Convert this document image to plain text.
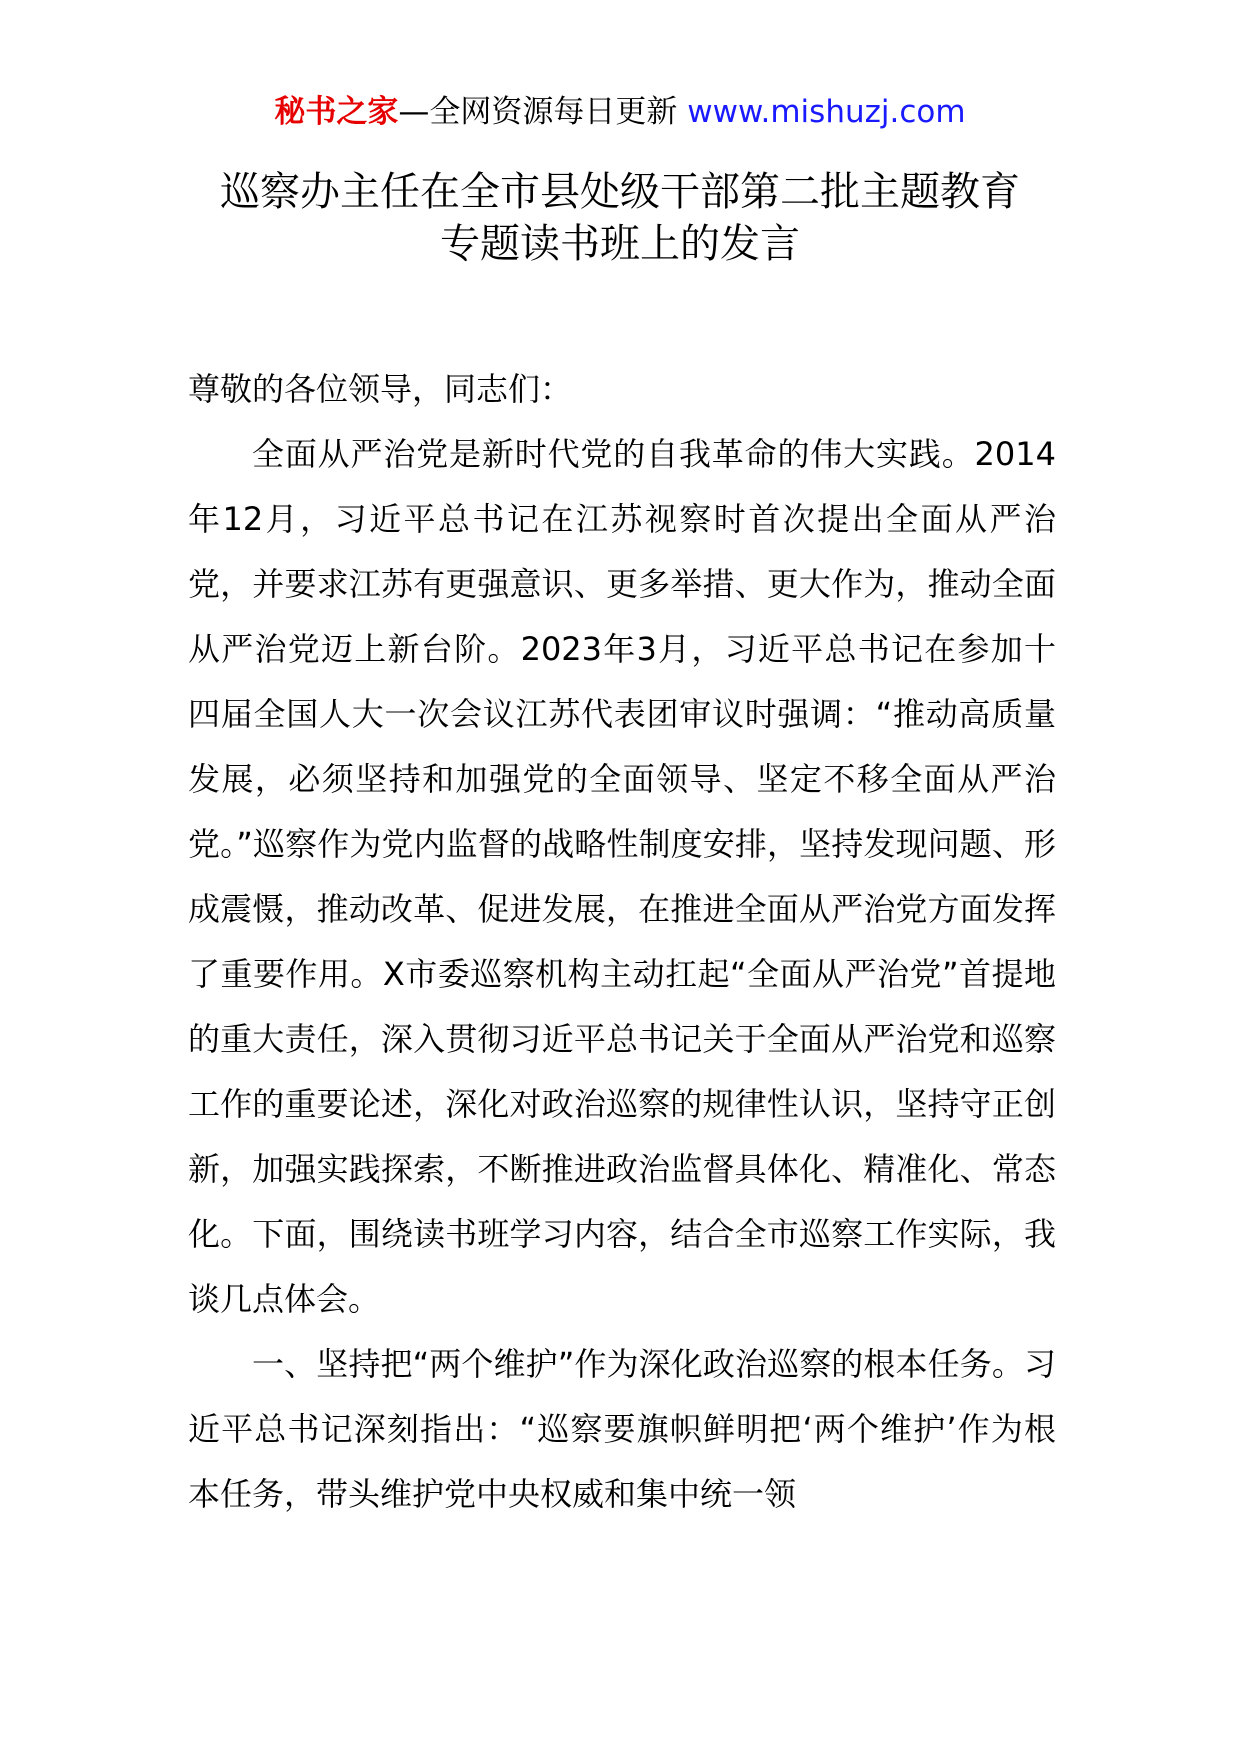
秘书之家—全网资源每日更新 www.mishuzj.com
巡察办主任在全市县处级干部第二批主题教育
专题读书班上的发言

尊敬的各位领导，同志们：

全面从严治党是新时代党的自我革命的伟大实践。2014年12月，习近平总书记在江苏视察时首次提出全面从严治党，并要求江苏有更强意识、更多举措、更大作为，推动全面从严治党迈上新台阶。2023年3月，习近平总书记在参加十四届全国人大一次会议江苏代表团审议时强调：“推动高质量发展，必须坚持和加强党的全面领导、坚定不移全面从严治党。”巡察作为党内监督的战略性制度安排，坚持发现问题、形成震慑，推动改革、促进发展，在推进全面从严治党方面发挥了重要作用。X市委巡察机构主动扛起“全面从严治党”首提地的重大责任，深入贯彻习近平总书记关于全面从严治党和巡察工作的重要论述，深化对政治巡察的规律性认识，坚持守正创新，加强实践探索，不断推进政治监督具体化、精准化、常态化。下面，围绕读书班学习内容，结合全市巡察工作实际，我谈几点体会。

一、坚持把“两个维护”作为深化政治巡察的根本任务。习近平总书记深刻指出：“巡察要旗帜鲜明把‘两个维护’作为根本任务，带头维护党中央权威和集中统一领
